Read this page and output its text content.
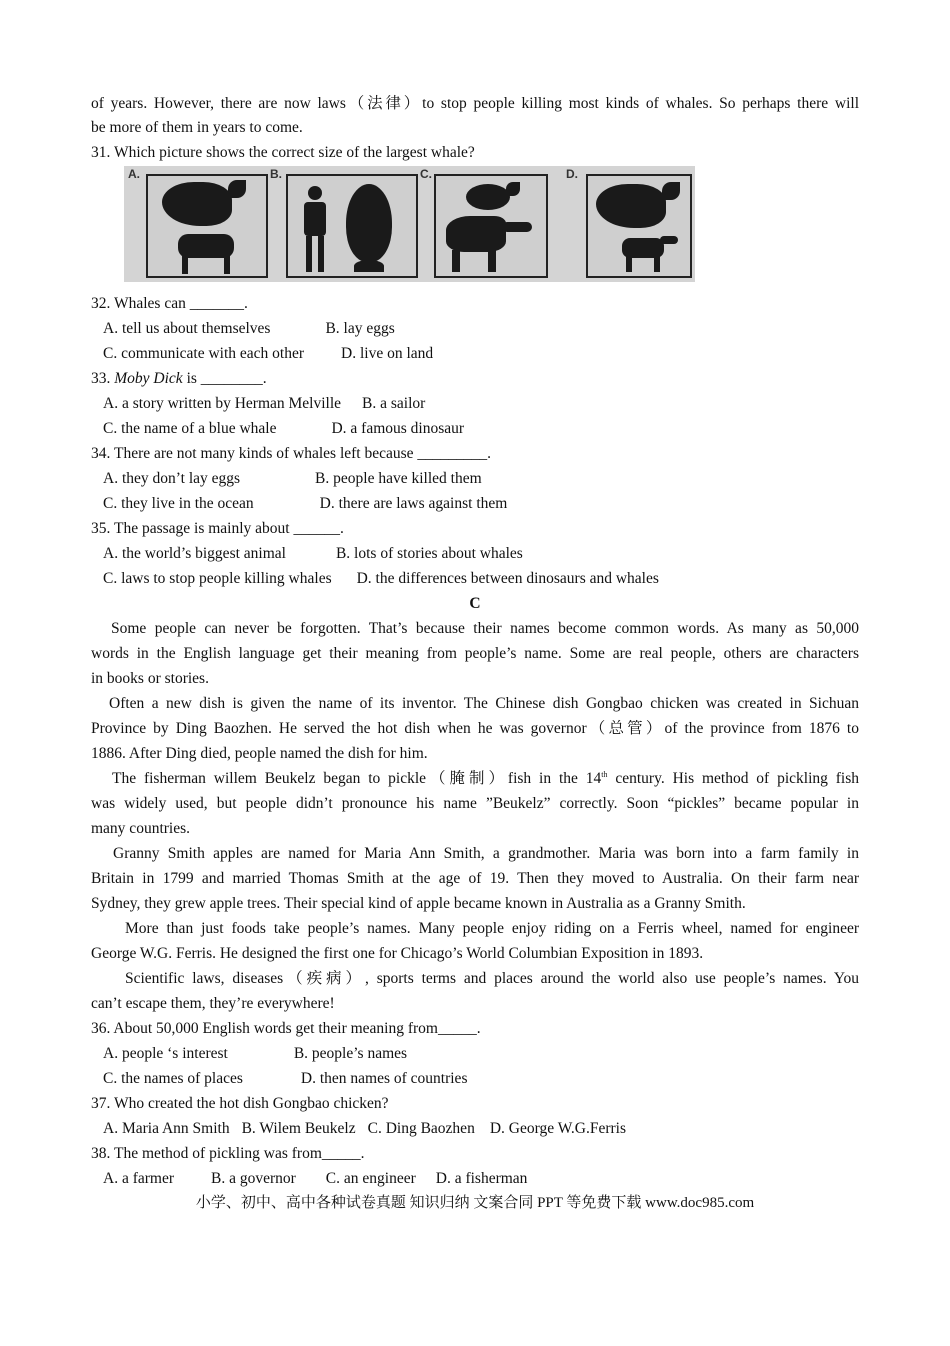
of years. However, there are now laws（法律）to stop people killing most kinds of whales. So perhaps there will
be more of them in years to come.
31. Which picture shows the correct size of the largest whale?
A.	B.	C.	D.
32. Whales can _______.
A. tell us about themselves	B. lay eggs
C. communicate with each other D. live on land
33. Moby Dick is ________.
A. a story written by Herman Melville B. a sailor
C. the name of a blue whale	D. a famous dinosaur
34. There are not many kinds of whales left because _________.
A. they don’t lay eggs	B. people have killed them
C. they live in the ocean	D. there are laws against them
35. The passage is mainly about ______.
A. the world’s biggest animal	B. lots of stories about whales
C. laws to stop people killing whales D. the differences between dinosaurs and whales
C
Some people can never be forgotten. That’s because their names become common words. As many as 50,000
words in the English language get their meaning from people’s name. Some are real people, others are characters
in books or stories.
Often a new dish is given the name of its inventor. The Chinese dish Gongbao chicken was created in Sichuan
Province by Ding Baozhen. He served the hot dish when he was governor（总管）of the province from 1876 to
1886. After Ding died, people named the dish for him.
The fisherman willem Beukelz began to pickle（腌制）fish in the 14th century. His method of pickling fish
was widely used, but people didn’t pronounce his name ”Beukelz” correctly. Soon “pickles” became popular in
many countries.
Granny Smith apples are named for Maria Ann Smith, a grandmother. Maria was born into a farm family in
Britain in 1799 and married Thomas Smith at the age of 19. Then they moved to Australia. On their farm near
Sydney, they grew apple trees. Their special kind of apple became known in Australia as a Granny Smith.
More than just foods take people’s names. Many people enjoy riding on a Ferris wheel, named for engineer
George W.G. Ferris. He designed the first one for Chicago’s World Columbian Exposition in 1893.
Scientific laws, diseases（疾病）, sports terms and places around the world also use people’s names. You
can’t escape them, they’re everywhere!
36. About 50,000 English words get their meaning from_____.
A. people ‘s interest	B. people’s names
C. the names of places	D. then names of countries
37. Who created the hot dish Gongbao chicken?
A. Maria Ann Smith B. Wilem Beukelz C. Ding Baozhen D. George W.G.Ferris
38. The method of pickling was from_____.
A. a farmer B. a governor C. an engineer D. a fisherman
小学、初中、高中各种试卷真题 知识归纳 文案合同 PPT 等免费下载 www.doc985.com
